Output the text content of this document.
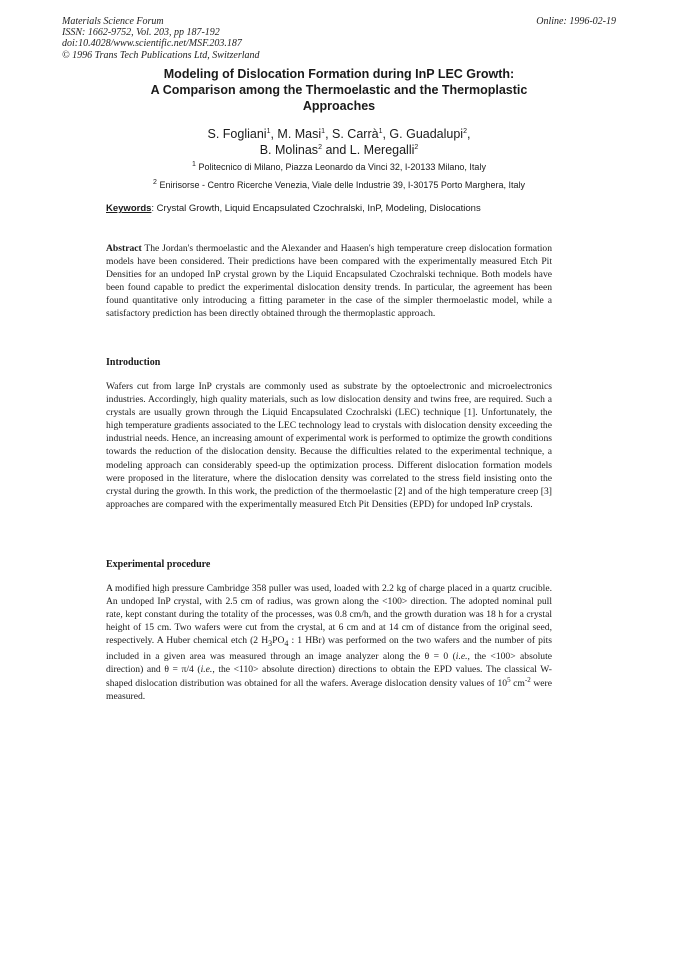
Materials Science Forum
ISSN: 1662-9752, Vol. 203, pp 187-192
doi:10.4028/www.scientific.net/MSF.203.187
© 1996 Trans Tech Publications Ltd, Switzerland
Online: 1996-02-19
Modeling of Dislocation Formation during InP LEC Growth:
A Comparison among the Thermoelastic and the Thermoplastic
Approaches
S. Fogliani$^1$, M. Masi$^1$, S. Carrà$^1$, G. Guadalupi$^2$,
B. Molinas$^2$ and L. Meregalli$^2$
$^1$ Politecnico di Milano, Piazza Leonardo da Vinci 32, I-20133 Milano, Italy
$^2$ Enirisorse - Centro Ricerche Venezia, Viale delle Industrie 39, I-30175 Porto Marghera, Italy
Keywords: Crystal Growth, Liquid Encapsulated Czochralski, InP, Modeling, Dislocations
Abstract The Jordan's thermoelastic and the Alexander and Haasen's high temperature creep dislocation formation models have been considered. Their predictions have been compared with the experimentally measured Etch Pit Densities for an undoped InP crystal grown by the Liquid Encapsulated Czochralski technique. Both models have been found capable to predict the experimental dislocation density trends. In particular, the agreement has been found quantitative only introducing a fitting parameter in the case of the simpler thermoelastic model, while a satisfactory prediction has been directly obtained through the thermoplastic approach.
Introduction
Wafers cut from large InP crystals are commonly used as substrate by the optoelectronic and microelectronics industries. Accordingly, high quality materials, such as low dislocation density and twins free, are required. Such a crystals are usually grown through the Liquid Encapsulated Czochralski (LEC) technique [1]. Unfortunately, the high temperature gradients associated to the LEC technology lead to crystals with dislocation density exceeding the industrial needs. Hence, an increasing amount of experimental work is performed to optimize the growth conditions towards the reduction of the dislocation density. Because the difficulties related to the experimental technique, a modeling approach can considerably speed-up the optimization process. Different dislocation formation models were proposed in the literature, where the dislocation density was correlated to the stress field insisting onto the crystal during the growth. In this work, the prediction of the thermoelastic [2] and of the high temperature creep [3] approaches are compared with the experimentally measured Etch Pit Densities (EPD) for undoped InP crystals.
Experimental procedure
A modified high pressure Cambridge 358 puller was used, loaded with 2.2 kg of charge placed in a quartz crucible. An undoped InP crystal, with 2.5 cm of radius, was grown along the <100> direction. The adopted nominal pull rate, kept constant during the totality of the processes, was 0.8 cm/h, and the growth duration was 18 h for a crystal height of 15 cm. Two wafers were cut from the crystal, at 6 cm and at 14 cm of distance from the original seed, respectively. A Huber chemical etch (2 $H_3PO_4$ : 1 HBr) was performed on the two wafers and the number of pits included in a given area was measured through an image analyzer along the θ = 0 (i.e., the <100> absolute direction) and θ = π/4 (i.e., the <110> absolute direction) directions to obtain the EPD values. The classical W-shaped dislocation distribution was obtained for all the wafers. Average dislocation density values of $10^5$ $cm^{-2}$ were measured.
